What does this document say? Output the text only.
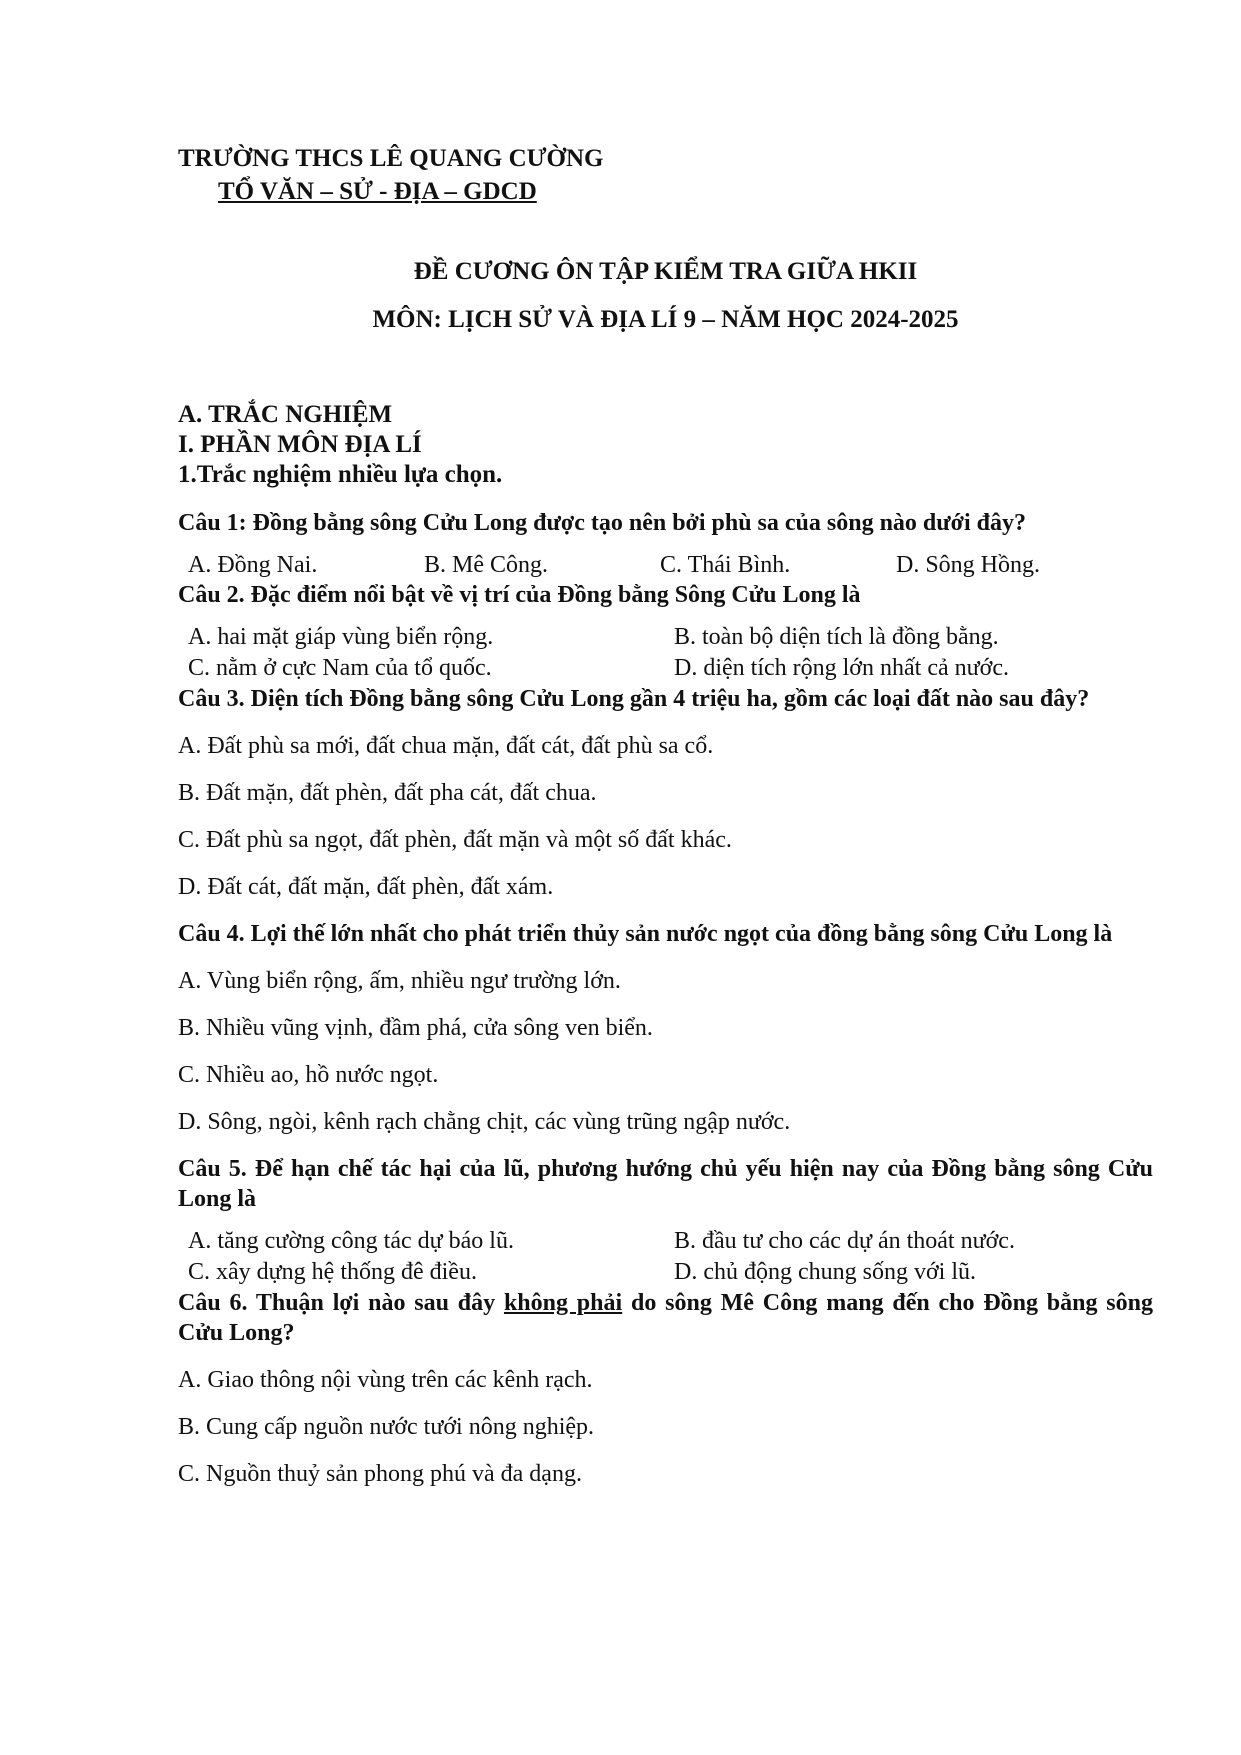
TRƯỜNG THCS LÊ QUANG CƯỜNG
TỔ VĂN – SỬ - ĐỊA – GDCD
ĐỀ CƯƠNG ÔN TẬP KIỂM TRA GIỮA HKII
MÔN: LỊCH SỬ VÀ ĐỊA LÍ 9 – NĂM HỌC 2024-2025
A. TRẮC NGHIỆM
I. PHẦN MÔN ĐỊA LÍ
1.Trắc nghiệm nhiều lựa chọn.
Câu 1: Đồng bằng sông Cửu Long được tạo nên bởi phù sa của sông nào dưới đây?
A. Đồng Nai.	B. Mê Công.	C. Thái Bình.	D. Sông Hồng.
Câu 2. Đặc điểm nổi bật về vị trí của Đồng bằng Sông Cửu Long là
A. hai mặt giáp vùng biển rộng.	B. toàn bộ diện tích là đồng bằng.
C. nằm ở cực Nam của tổ quốc.	D. diện tích rộng lớn nhất cả nước.
Câu 3. Diện tích Đồng bằng sông Cửu Long gần 4 triệu ha, gồm các loại đất nào sau đây?
A. Đất phù sa mới, đất chua mặn, đất cát, đất phù sa cổ.
B. Đất mặn, đất phèn, đất pha cát, đất chua.
C. Đất phù sa ngọt, đất phèn, đất mặn và một số đất khác.
D. Đất cát, đất mặn, đất phèn, đất xám.
Câu 4. Lợi thế lớn nhất cho phát triển thủy sản nước ngọt của đồng bằng sông Cửu Long là
A. Vùng biển rộng, ấm, nhiều ngư trường lớn.
B. Nhiều vũng vịnh, đầm phá, cửa sông ven biển.
C. Nhiều ao, hồ nước ngọt.
D. Sông, ngòi, kênh rạch chằng chịt, các vùng trũng ngập nước.
Câu 5. Để hạn chế tác hại của lũ, phương hướng chủ yếu hiện nay của Đồng bằng sông Cửu Long là
A. tăng cường công tác dự báo lũ.	B. đầu tư cho các dự án thoát nước.
C. xây dựng hệ thống đê điều.	D. chủ động chung sống với lũ.
Câu 6. Thuận lợi nào sau đây không phải do sông Mê Công mang đến cho Đồng bằng sông Cửu Long?
A. Giao thông nội vùng trên các kênh rạch.
B. Cung cấp nguồn nước tưới nông nghiệp.
C. Nguồn thuỷ sản phong phú và đa dạng.
